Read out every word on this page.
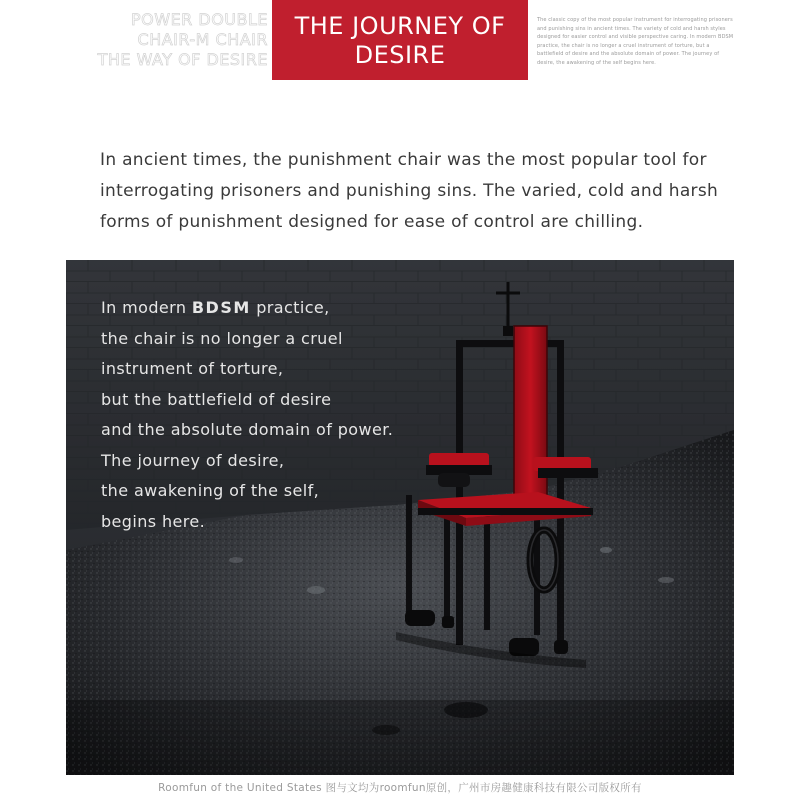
POWER DOUBLE
CHAIR-M CHAIR
THE WAY OF DESIRE
THE JOURNEY OF
DESIRE
The classic copy of the most popular instrument for interrogating prisoners and punishing sins in ancient times. The variety of cold and harsh styles designed for easier control and visible perspective caring. In modern BDSM practice, the chair is no longer a cruel instrument of torture, but a battlefield of desire and the absolute domain of power. The journey of desire, the awakening of the self begins here.
In ancient times, the punishment chair was the most popular tool for interrogating prisoners and punishing sins. The varied, cold and harsh forms of punishment designed for ease of control are chilling.
In modern BDSM practice,
the chair is no longer a cruel
instrument of torture,
but the battlefield of desire
and the absolute domain of power.
The journey of desire,
the awakening of the self,
begins here.
Roomfun of the United States 图与文均为roomfun原创，广州市房趣健康科技有限公司版权所有
